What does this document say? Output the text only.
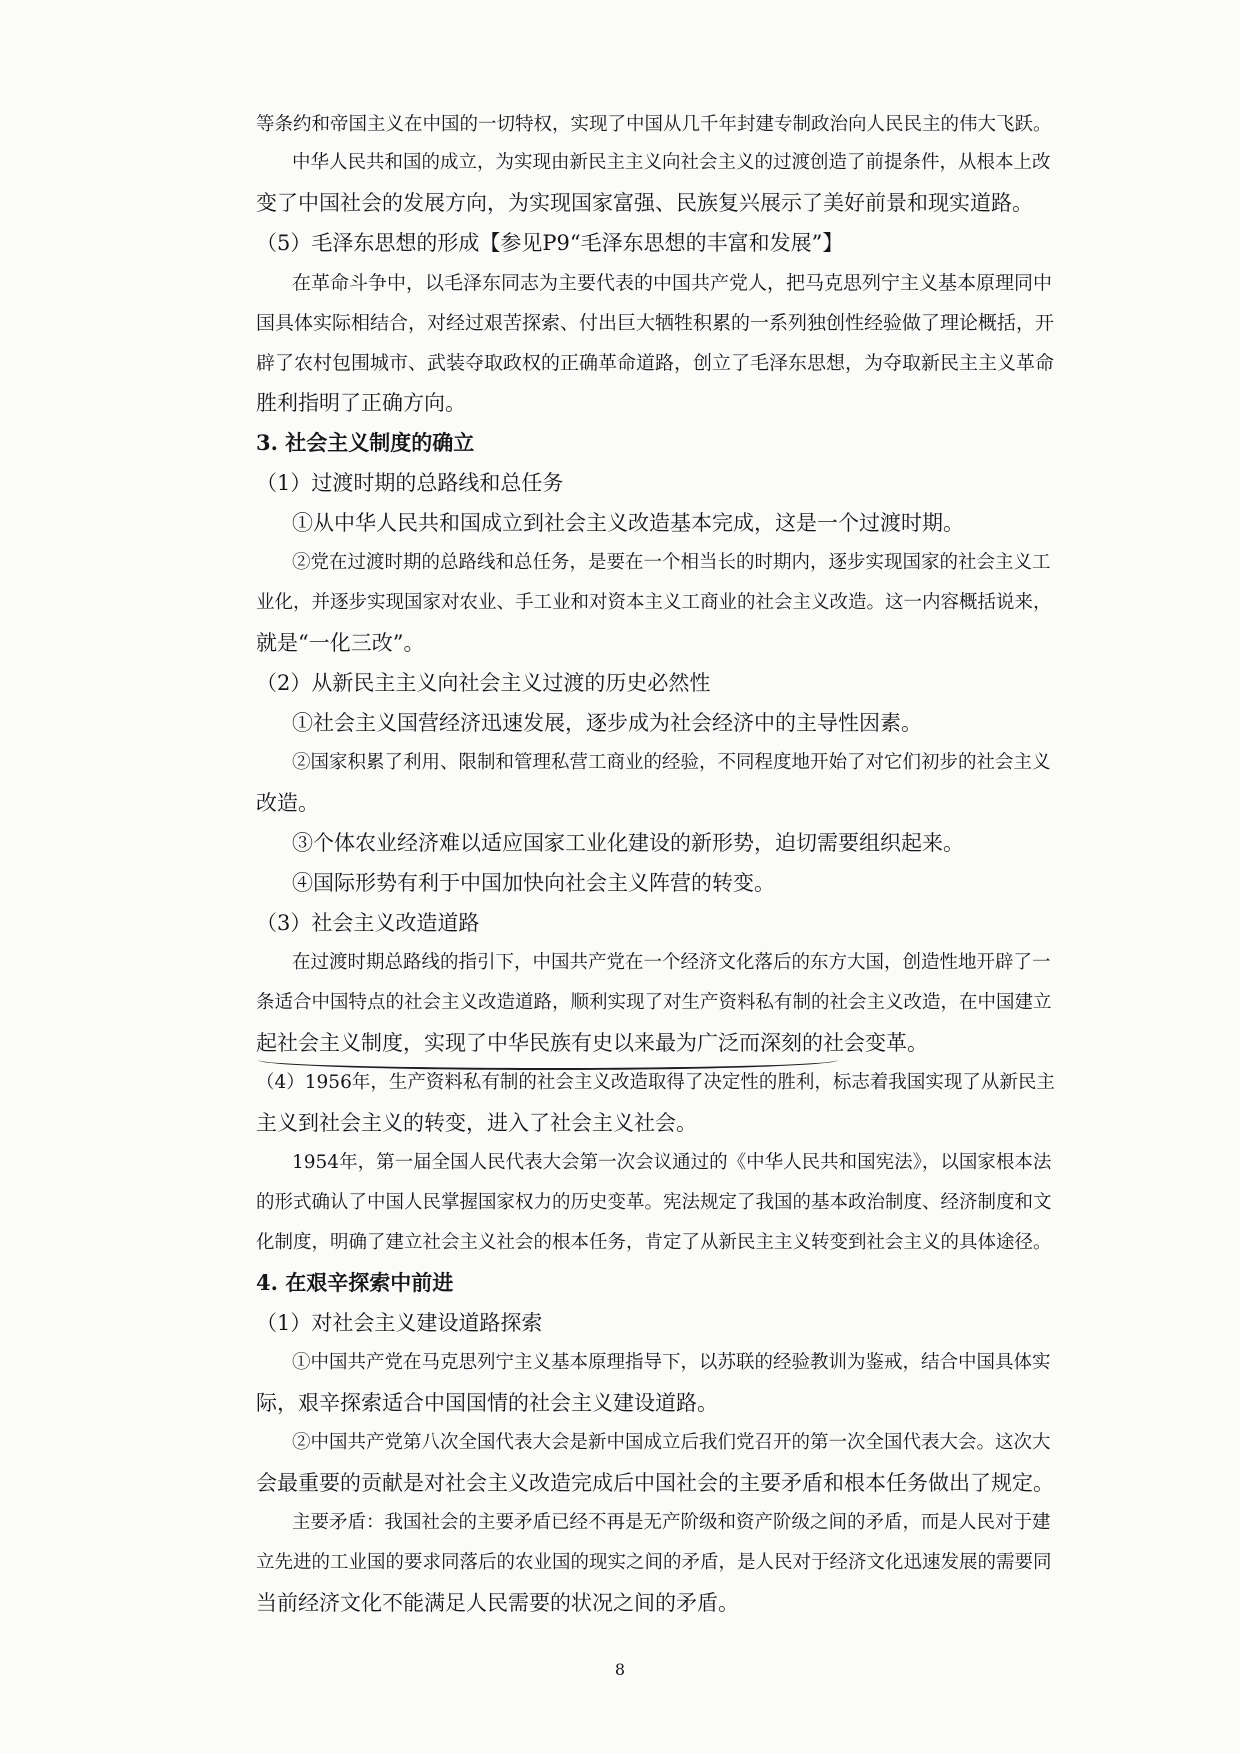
8
等条约和帝国主义在中国的一切特权，实现了中国从几千年封建专制政治向人民民主的伟大飞跃。
中华人民共和国的成立，为实现由新民主主义向社会主义的过渡创造了前提条件，从根本上改
变了中国社会的发展方向，为实现国家富强、民族复兴展示了美好前景和现实道路。
（5）毛泽东思想的形成【参见P9“毛泽东思想的丰富和发展”】
在革命斗争中，以毛泽东同志为主要代表的中国共产党人，把马克思列宁主义基本原理同中
国具体实际相结合，对经过艰苦探索、付出巨大牺牲积累的一系列独创性经验做了理论概括，开
辟了农村包围城市、武装夺取政权的正确革命道路，创立了毛泽东思想，为夺取新民主主义革命
胜利指明了正确方向。
3. 社会主义制度的确立
（1）过渡时期的总路线和总任务
①从中华人民共和国成立到社会主义改造基本完成，这是一个过渡时期。
②党在过渡时期的总路线和总任务，是要在一个相当长的时期内，逐步实现国家的社会主义工
业化，并逐步实现国家对农业、手工业和对资本主义工商业的社会主义改造。这一内容概括说来，
就是“一化三改”。
（2）从新民主主义向社会主义过渡的历史必然性
①社会主义国营经济迅速发展，逐步成为社会经济中的主导性因素。
②国家积累了利用、限制和管理私营工商业的经验，不同程度地开始了对它们初步的社会主义
改造。
③个体农业经济难以适应国家工业化建设的新形势，迫切需要组织起来。
④国际形势有利于中国加快向社会主义阵营的转变。
（3）社会主义改造道路
在过渡时期总路线的指引下，中国共产党在一个经济文化落后的东方大国，创造性地开辟了一
条适合中国特点的社会主义改造道路，顺利实现了对生产资料私有制的社会主义改造，在中国建立
起社会主义制度，实现了中华民族有史以来最为广泛而深刻的社会变革。
（4）1956年，生产资料私有制的社会主义改造取得了决定性的胜利，标志着我国实现了从新民主
主义到社会主义的转变，进入了社会主义社会。
1954年，第一届全国人民代表大会第一次会议通过的《中华人民共和国宪法》，以国家根本法
的形式确认了中国人民掌握国家权力的历史变革。宪法规定了我国的基本政治制度、经济制度和文
化制度，明确了建立社会主义社会的根本任务，肯定了从新民主主义转变到社会主义的具体途径。
4. 在艰辛探索中前进
（1）对社会主义建设道路探索
①中国共产党在马克思列宁主义基本原理指导下，以苏联的经验教训为鉴戒，结合中国具体实
际，艰辛探索适合中国国情的社会主义建设道路。
②中国共产党第八次全国代表大会是新中国成立后我们党召开的第一次全国代表大会。这次大
会最重要的贡献是对社会主义改造完成后中国社会的主要矛盾和根本任务做出了规定。
主要矛盾：我国社会的主要矛盾已经不再是无产阶级和资产阶级之间的矛盾，而是人民对于建
立先进的工业国的要求同落后的农业国的现实之间的矛盾，是人民对于经济文化迅速发展的需要同
当前经济文化不能满足人民需要的状况之间的矛盾。
